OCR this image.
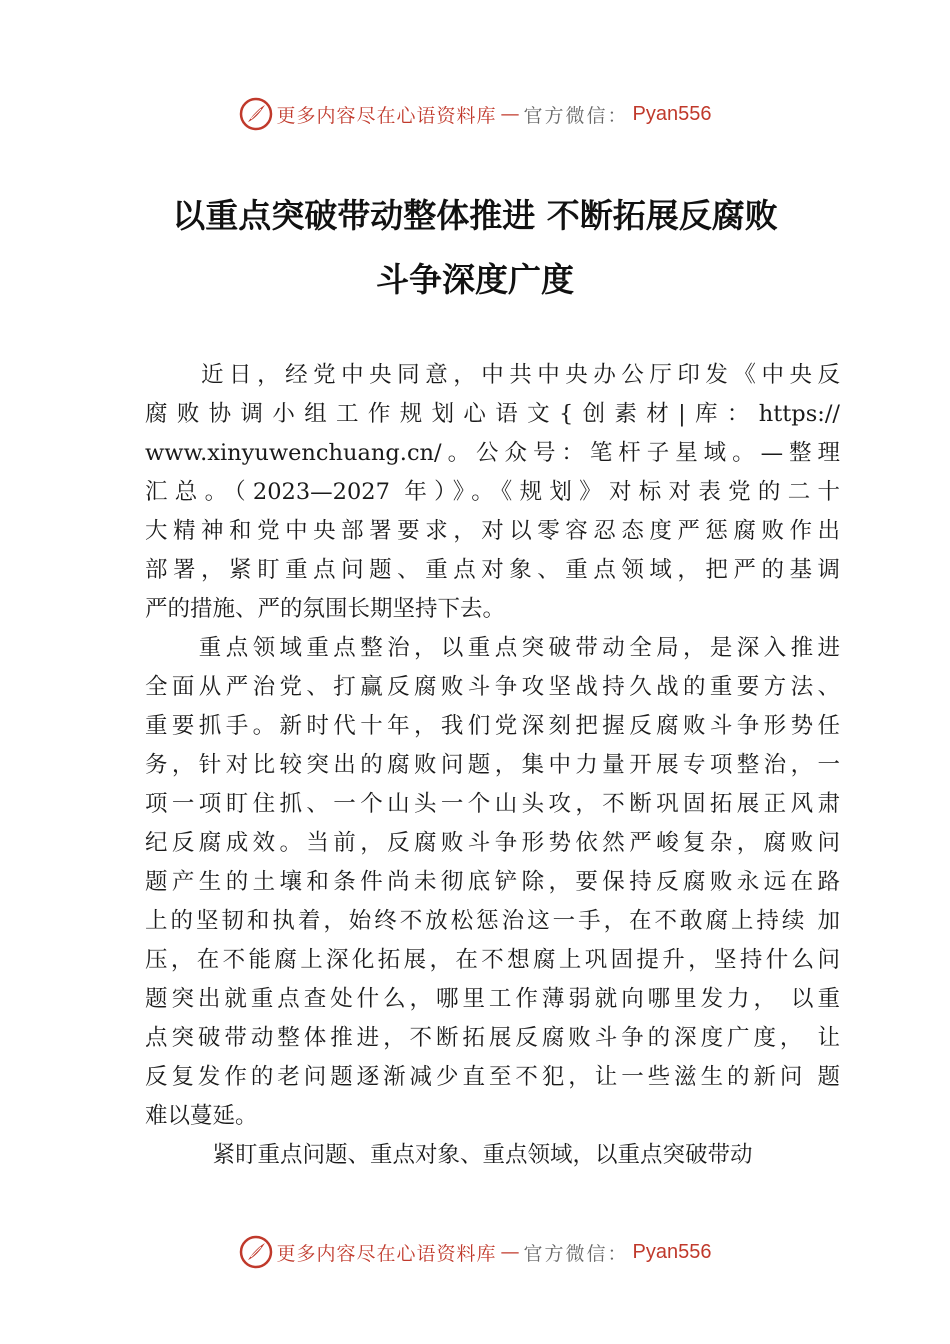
更多内容尽在心语资料库 — 官方微信： Pyan556
以重点突破带动整体推进 不断拓展反腐败
斗争深度广度
　　近日，经党中央同意，中共中央办公厅印发《中央反
腐败协调小组工作规划心语文{创素材|库：https://
www.xinyuwenchuang.cn/。公众号：笔杆子星域。—整理
汇总。（2023—2027 年）》。《规划》对标对表党的二十
大精神和党中央部署要求，对以零容忍态度严惩腐败作出
部署，紧盯重点问题、重点对象、重点领域，把严的基调
严的措施、严的氛围长期坚持下去。
　　重点领域重点整治，以重点突破带动全局，是深入推进
全面从严治党、打赢反腐败斗争攻坚战持久战的重要方法、
重要抓手。新时代十年，我们党深刻把握反腐败斗争形势任
务，针对比较突出的腐败问题，集中力量开展专项整治，一
项一项盯住抓、一个山头一个山头攻，不断巩固拓展正风肃
纪反腐成效。当前，反腐败斗争形势依然严峻复杂，腐败问
题产生的土壤和条件尚未彻底铲除，要保持反腐败永远在路
上的坚韧和执着，始终不放松惩治这一手，在不敢腐上持续 加
压，在不能腐上深化拓展，在不想腐上巩固提升，坚持什么问
题突出就重点查处什么，哪里工作薄弱就向哪里发力， 以重
点突破带动整体推进，不断拓展反腐败斗争的深度广度， 让
反复发作的老问题逐渐减少直至不犯，让一些滋生的新问 题
难以蔓延。
　　　紧盯重点问题、重点对象、重点领域，以重点突破带动
更多内容尽在心语资料库 — 官方微信： Pyan556
